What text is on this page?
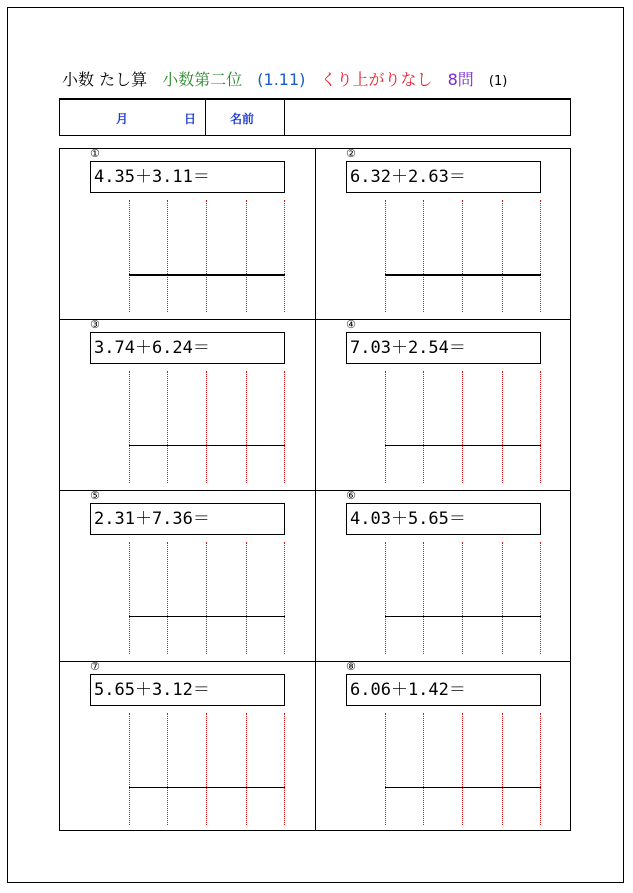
小数 たし算 小数第二位 (1.11) くり上がりなし 8問 (1)
月	日	名前
①
4.35＋3.11＝
②
6.32＋2.63＝
③
3.74＋6.24＝
④
7.03＋2.54＝
⑤
2.31＋7.36＝
⑥
4.03＋5.65＝
⑦
5.65＋3.12＝
⑧
6.06＋1.42＝
